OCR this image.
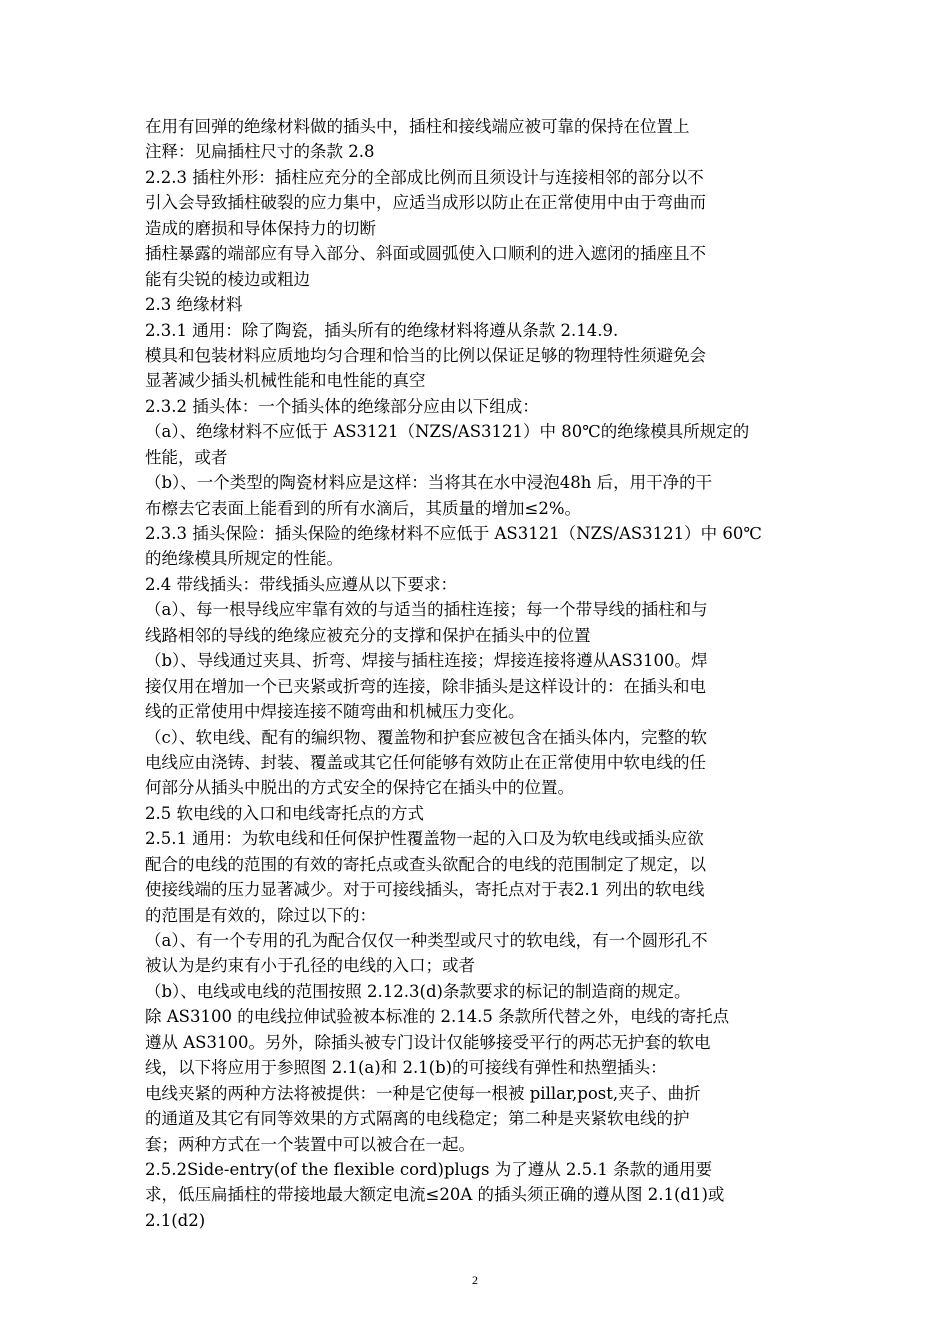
在用有回弹的绝缘材料做的插头中，插柱和接线端应被可靠的保持在位置上
注释：见扁插柱尺寸的条款 2.8
2.2.3 插柱外形：插柱应充分的全部成比例而且须设计与连接相邻的部分以不
引入会导致插柱破裂的应力集中，应适当成形以防止在正常使用中由于弯曲而
造成的磨损和导体保持力的切断
插柱暴露的端部应有导入部分、斜面或圆弧使入口顺利的进入遮闭的插座且不
能有尖锐的棱边或粗边
2.3 绝缘材料
2.3.1 通用：除了陶瓷，插头所有的绝缘材料将遵从条款 2.14.9.
模具和包装材料应质地均匀合理和恰当的比例以保证足够的物理特性须避免会
显著减少插头机械性能和电性能的真空
2.3.2 插头体：一个插头体的绝缘部分应由以下组成：
（a）、绝缘材料不应低于 AS3121（NZS/AS3121）中 80℃的绝缘模具所规定的
性能，或者
（b）、一个类型的陶瓷材料应是这样：当将其在水中浸泡48h 后，用干净的干
布檫去它表面上能看到的所有水滴后，其质量的增加≤2%。
2.3.3 插头保险：插头保险的绝缘材料不应低于 AS3121（NZS/AS3121）中 60℃
的绝缘模具所规定的性能。
2.4 带线插头：带线插头应遵从以下要求：
（a）、每一根导线应牢靠有效的与适当的插柱连接；每一个带导线的插柱和与
线路相邻的导线的绝缘应被充分的支撑和保护在插头中的位置
（b）、导线通过夹具、折弯、焊接与插柱连接；焊接连接将遵从AS3100。焊
接仅用在增加一个已夹紧或折弯的连接，除非插头是这样设计的：在插头和电
线的正常使用中焊接连接不随弯曲和机械压力变化。
（c）、软电线、配有的编织物、覆盖物和护套应被包含在插头体内，完整的软
电线应由浇铸、封装、覆盖或其它任何能够有效防止在正常使用中软电线的任
何部分从插头中脱出的方式安全的保持它在插头中的位置。
2.5 软电线的入口和电线寄托点的方式
2.5.1 通用：为软电线和任何保护性覆盖物一起的入口及为软电线或插头应欲
配合的电线的范围的有效的寄托点或查头欲配合的电线的范围制定了规定，以
使接线端的压力显著减少。对于可接线插头，寄托点对于表2.1 列出的软电线
的范围是有效的，除过以下的：
（a）、有一个专用的孔为配合仅仅一种类型或尺寸的软电线，有一个圆形孔不
被认为是约束有小于孔径的电线的入口；或者
（b）、电线或电线的范围按照 2.12.3(d)条款要求的标记的制造商的规定。
除 AS3100 的电线拉伸试验被本标准的 2.14.5 条款所代替之外，电线的寄托点
遵从 AS3100。另外，除插头被专门设计仅能够接受平行的两芯无护套的软电
线，以下将应用于参照图 2.1(a)和 2.1(b)的可接线有弹性和热塑插头：
电线夹紧的两种方法将被提供：一种是它使每一根被 pillar,post,夹子、曲折
的通道及其它有同等效果的方式隔离的电线稳定；第二种是夹紧软电线的护
套；两种方式在一个装置中可以被合在一起。
2.5.2Side-entry(of the flexible cord)plugs 为了遵从 2.5.1 条款的通用要
求，低压扁插柱的带接地最大额定电流≤20A 的插头须正确的遵从图 2.1(d1)或
2.1(d2)
2
